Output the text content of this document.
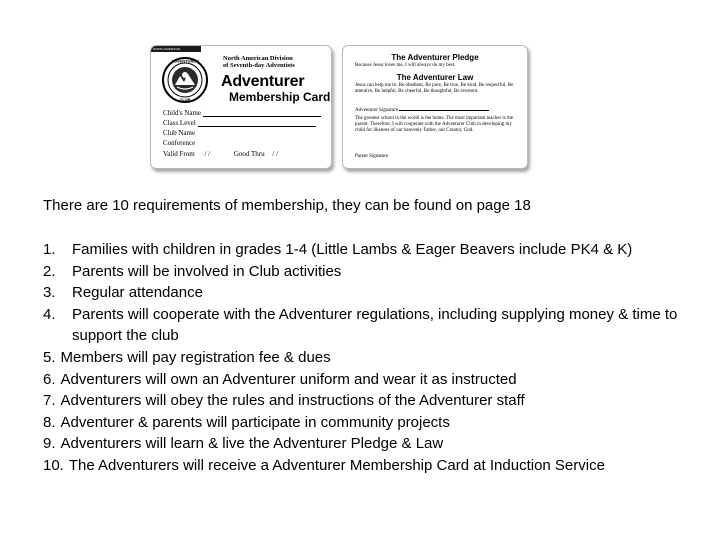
NORTH AMERICAN
ADVENTURER
CLUB
North American Division
of Seventh-day Adventists
Adventurer
Membership Card
Child's Name
Class Level
Club Name
Conference
Valid From / /	Good Thru / /
The Adventurer Pledge
Because Jesus loves me, I will always do my best.
The Adventurer Law
Jesus can help me to: Be obedient, Be pure, Be true, Be kind, Be respectful, Be attentive, Be helpful, Be cheerful, Be thoughtful, Be reverent.
Adventurer Signature
The greatest school in the world is the home. The most important teacher is the parent. Therefore, I will cooperate with the Adventurer Club in developing my child for likeness of our heavenly Father, our Creator, God.
Parent Signature
There are 10 requirements of membership, they can be found on page 18
1.	Families with children in grades 1-4 (Little Lambs & Eager Beavers include PK4 & K)
2.	Parents will be involved in Club activities
3.	Regular attendance
4.	Parents will cooperate with the Adventurer regulations, including supplying money & time to support the club
5. Members will pay registration fee & dues
6. Adventurers will own an Adventurer uniform and wear it as instructed
7. Adventurers will obey the rules and instructions of the Adventurer staff
8. Adventurer & parents will participate in community projects
9. Adventurers will learn & live the Adventurer Pledge & Law
10. The Adventurers will receive a Adventurer Membership Card at Induction Service
